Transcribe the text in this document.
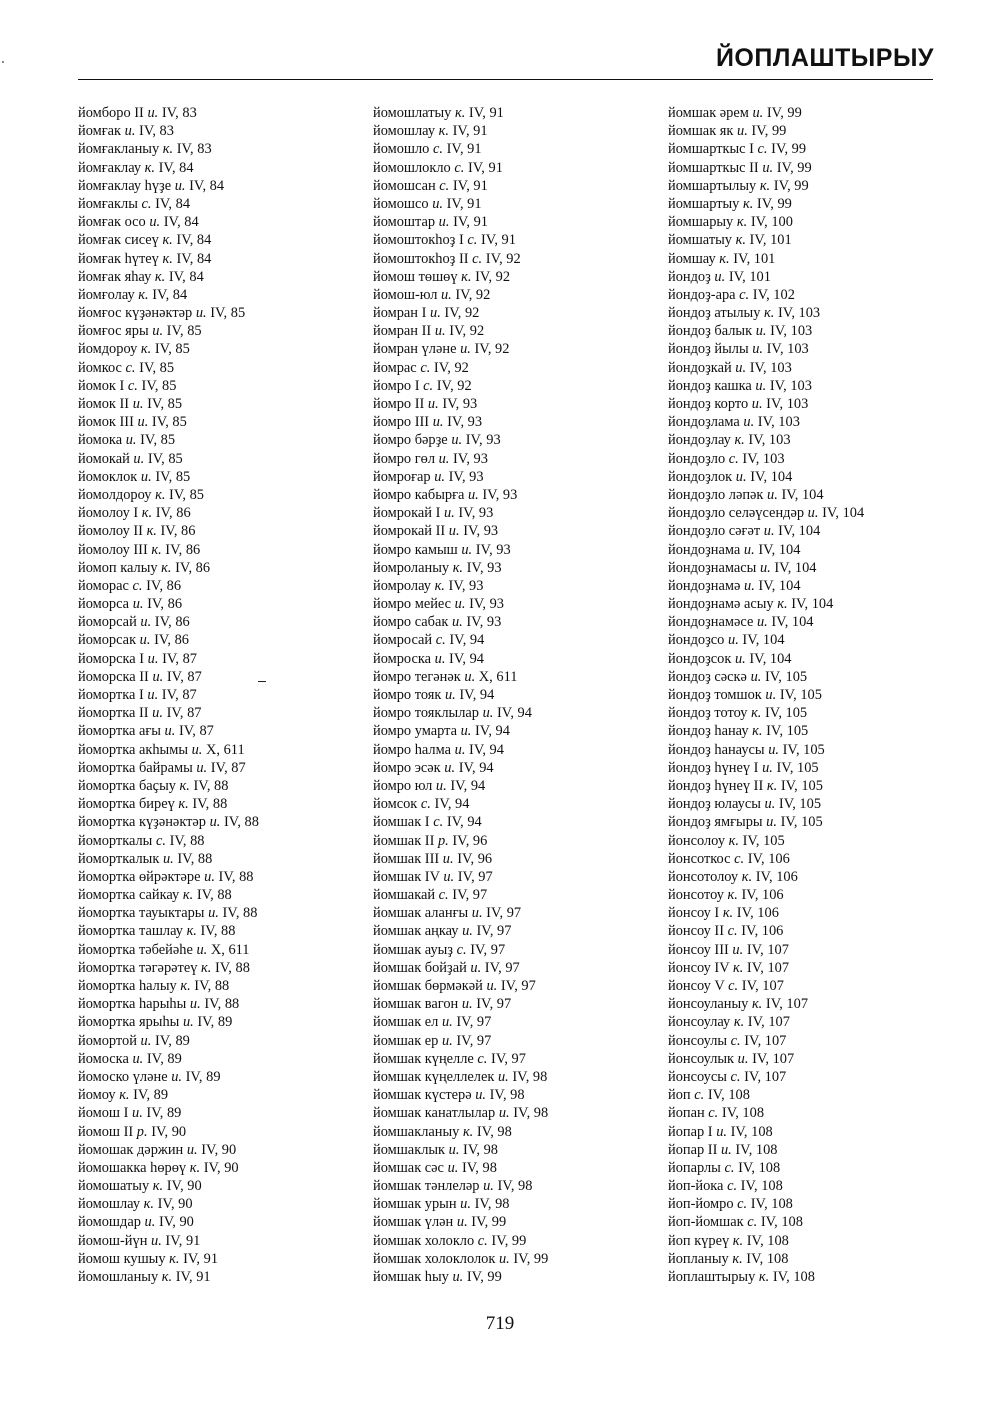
ЙОПЛАШТЫРЫУ
йомборо II и. IV, 83
йомғак и. IV, 83
йомғакланыу к. IV, 83
йомғаклау к. IV, 84
йомғаклау һүҙе и. IV, 84
йомғаклы с. IV, 84
йомғак осо и. IV, 84
йомғак сисеү к. IV, 84
йомғак һүтеү к. IV, 84
йомғак яһау к. IV, 84
йомғолау к. IV, 84
йомғос күҙәнәктәр и. IV, 85
йомғос яры и. IV, 85
йомдороу к. IV, 85
йомкос с. IV, 85
йомок I с. IV, 85
йомок II и. IV, 85
йомок III и. IV, 85
йомока и. IV, 85
йомокай и. IV, 85
йомоклок и. IV, 85
йомолдороу к. IV, 85
йомолоу I к. IV, 86
йомолоу II к. IV, 86
йомолоу III к. IV, 86
йомоп калыу к. IV, 86
йоморас с. IV, 86
йоморса и. IV, 86
йоморсай и. IV, 86
йоморсак и. IV, 86
йоморска I и. IV, 87
йоморска II и. IV, 87
йомортка I и. IV, 87
йомортка II и. IV, 87
йомортка ағы и. IV, 87
йомортка акһымы и. X, 611
йомортка байрамы и. IV, 87
йомортка баҫыу к. IV, 88
йомортка биреү к. IV, 88
йомортка күҙәнәктәр и. IV, 88
йоморткалы с. IV, 88
йоморткалык и. IV, 88
йомортка өйрәктәре и. IV, 88
йомортка сайкау к. IV, 88
йомортка тауыктары и. IV, 88
йомортка ташлау к. IV, 88
йомортка тәбейәһе и. X, 611
йомортка тәгәрәтеү к. IV, 88
йомортка һалыу к. IV, 88
йомортка һарыһы и. IV, 88
йомортка ярыһы и. IV, 89
йомортой и. IV, 89
йомоска и. IV, 89
йомоско үләне и. IV, 89
йомоу к. IV, 89
йомош I и. IV, 89
йомош II р. IV, 90
йомошак дәржин и. IV, 90
йомошакка һөрөү к. IV, 90
йомошатыу к. IV, 90
йомошлау к. IV, 90
йомошдар и. IV, 90
йомош-йүн и. IV, 91
йомош кушыу к. IV, 91
йомошланыу к. IV, 91
йомошлатыу к. IV, 91
йомошлау к. IV, 91
йомошло с. IV, 91
йомошлокло с. IV, 91
йомошсан с. IV, 91
йомошсо и. IV, 91
йомоштар и. IV, 91
йомоштокһоҙ I с. IV, 91
йомоштокһоҙ II с. IV, 92
йомош төшөү к. IV, 92
йомош-юл и. IV, 92
йомран I и. IV, 92
йомран II и. IV, 92
йомран үләне и. IV, 92
йомрас с. IV, 92
йомро I с. IV, 92
йомро II и. IV, 93
йомро III и. IV, 93
йомро бәрҙе и. IV, 93
йомро гөл и. IV, 93
йомроғар и. IV, 93
йомро кабырға и. IV, 93
йомрокай I и. IV, 93
йомрокай II и. IV, 93
йомро камыш и. IV, 93
йомроланыу к. IV, 93
йомролау к. IV, 93
йомро мейес и. IV, 93
йомро сабак и. IV, 93
йомросай с. IV, 94
йомроска и. IV, 94
йомро тегәнәк и. X, 611
йомро тояк и. IV, 94
йомро тояклылар и. IV, 94
йомро умарта и. IV, 94
йомро һалма и. IV, 94
йомро эсәк и. IV, 94
йомро юл и. IV, 94
йомсок с. IV, 94
йомшак I с. IV, 94
йомшак II р. IV, 96
йомшак III и. IV, 96
йомшак IV и. IV, 97
йомшакай с. IV, 97
йомшак аланғы и. IV, 97
йомшак аңкау и. IV, 97
йомшак ауыҙ с. IV, 97
йомшак бойҙай и. IV, 97
йомшак бөрмәкәй и. IV, 97
йомшак вагон и. IV, 97
йомшак ел и. IV, 97
йомшак ер и. IV, 97
йомшак күңелле с. IV, 97
йомшак күңеллелек и. IV, 98
йомшак күстерә и. IV, 98
йомшак канатлылар и. IV, 98
йомшакланыу к. IV, 98
йомшаклык и. IV, 98
йомшак сәс и. IV, 98
йомшак тәнлеләр и. IV, 98
йомшак урын и. IV, 98
йомшак үлән и. IV, 99
йомшак холокло с. IV, 99
йомшак холоклолок и. IV, 99
йомшак һыу и. IV, 99
йомшак әрем и. IV, 99
йомшак як и. IV, 99
йомшарткыс I с. IV, 99
йомшарткыс II и. IV, 99
йомшартылыу к. IV, 99
йомшартыу к. IV, 99
йомшарыу к. IV, 100
йомшатыу к. IV, 101
йомшау к. IV, 101
йондоҙ и. IV, 101
йондоҙ-ара с. IV, 102
йондоҙ атылыу к. IV, 103
йондоҙ балык и. IV, 103
йондоҙ йылы и. IV, 103
йондоҙкай и. IV, 103
йондоҙ кашка и. IV, 103
йондоҙ корто и. IV, 103
йондоҙлама и. IV, 103
йондоҙлау к. IV, 103
йондоҙло с. IV, 103
йондоҙлок и. IV, 104
йондоҙло ләпәк и. IV, 104
йондоҙло селәүсендәр и. IV, 104
йондоҙло сәғәт и. IV, 104
йондоҙнама и. IV, 104
йондоҙнамасы и. IV, 104
йондоҙнамә и. IV, 104
йондоҙнамә асыу к. IV, 104
йондоҙнамәсе и. IV, 104
йондоҙсо и. IV, 104
йондоҙсок и. IV, 104
йондоҙ сәскә и. IV, 105
йондоҙ томшок и. IV, 105
йондоҙ тотоу к. IV, 105
йондоҙ һанау к. IV, 105
йондоҙ һанаусы и. IV, 105
йондоҙ һүнеү I и. IV, 105
йондоҙ һүнеү II к. IV, 105
йондоҙ юлаусы и. IV, 105
йондоҙ ямғыры и. IV, 105
йонсолоу к. IV, 105
йонсоткос с. IV, 106
йонсотолоу к. IV, 106
йонсотоу к. IV, 106
йонсоу I к. IV, 106
йонсоу II с. IV, 106
йонсоу III и. IV, 107
йонсоу IV к. IV, 107
йонсоу V с. IV, 107
йонсоуланыу к. IV, 107
йонсоулау к. IV, 107
йонсоулы с. IV, 107
йонсоулык и. IV, 107
йонсоусы с. IV, 107
йоп с. IV, 108
йопан с. IV, 108
йопар I и. IV, 108
йопар II и. IV, 108
йопарлы с. IV, 108
йоп-йока с. IV, 108
йоп-йомро с. IV, 108
йоп-йомшак с. IV, 108
йоп күреү к. IV, 108
йопланыу к. IV, 108
йоплаштырыу к. IV, 108
719
